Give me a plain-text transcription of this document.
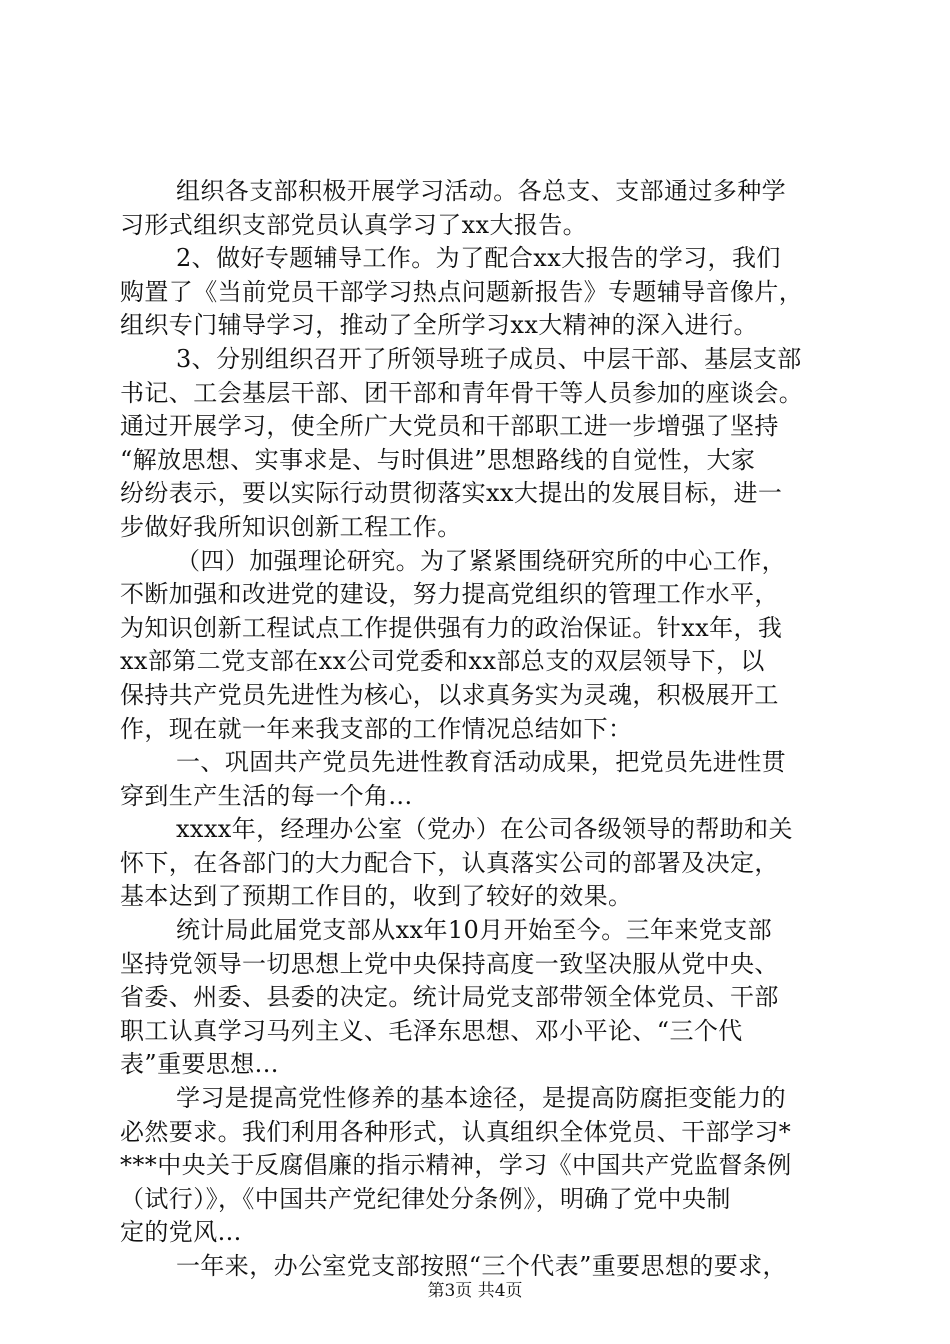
组织各支部积极开展学习活动。各总支、支部通过多种学
习形式组织支部党员认真学习了xx大报告。
2、做好专题辅导工作。为了配合xx大报告的学习，我们
购置了《当前党员干部学习热点问题新报告》专题辅导音像片，
组织专门辅导学习，推动了全所学习xx大精神的深入进行。
3、分别组织召开了所领导班子成员、中层干部、基层支部
书记、工会基层干部、团干部和青年骨干等人员参加的座谈会。
通过开展学习，使全所广大党员和干部职工进一步增强了坚持
“解放思想、实事求是、与时俱进”思想路线的自觉性，大家
纷纷表示，要以实际行动贯彻落实xx大提出的发展目标，进一
步做好我所知识创新工程工作。
（四）加强理论研究。为了紧紧围绕研究所的中心工作，
不断加强和改进党的建设，努力提高党组织的管理工作水平，
为知识创新工程试点工作提供强有力的政治保证。针xx年，我
xx部第二党支部在xx公司党委和xx部总支的双层领导下，以
保持共产党员先进性为核心，以求真务实为灵魂，积极展开工
作，现在就一年来我支部的工作情况总结如下：
一、巩固共产党员先进性教育活动成果，把党员先进性贯
穿到生产生活的每一个角...
xxxx年，经理办公室（党办）在公司各级领导的帮助和关
怀下，在各部门的大力配合下，认真落实公司的部署及决定，
基本达到了预期工作目的，收到了较好的效果。
统计局此届党支部从xx年10月开始至今。三年来党支部
坚持党领导一切思想上党中央保持高度一致坚决服从党中央、
省委、州委、县委的决定。统计局党支部带领全体党员、干部
职工认真学习马列主义、毛泽东思想、邓小平论、“三个代
表”重要思想...
学习是提高党性修养的基本途径，是提高防腐拒变能力的
必然要求。我们利用各种形式，认真组织全体党员、干部学习*
***中央关于反腐倡廉的指示精神，学习《中国共产党监督条例
（试行）》，《中国共产党纪律处分条例》，明确了党中央制
定的党风...
一年来，办公室党支部按照“三个代表”重要思想的要求，
第3页 共4页
